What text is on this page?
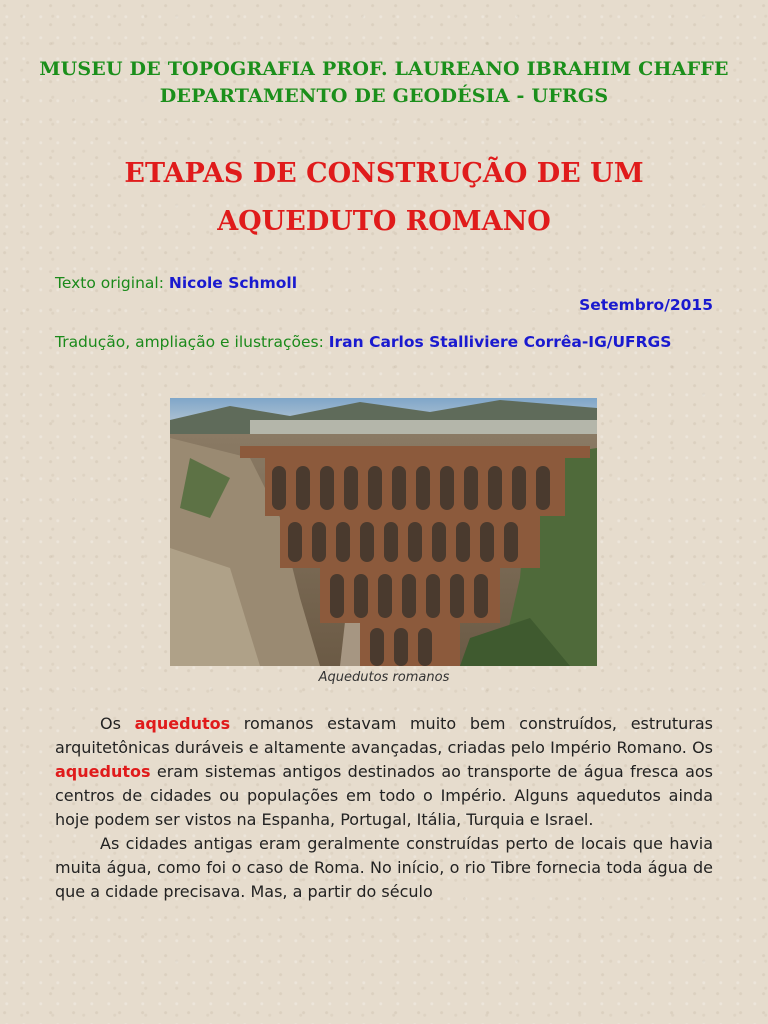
MUSEU DE TOPOGRAFIA PROF. LAUREANO IBRAHIM CHAFFE
DEPARTAMENTO DE GEODÉSIA - UFRGS
ETAPAS DE CONSTRUÇÃO DE UM
AQUEDUTO ROMANO
Texto original: Nicole Schmoll
Setembro/2015
Tradução, ampliação e ilustrações: Iran Carlos Stalliviere Corrêa-IG/UFRGS
Aquedutos romanos

Os aquedutos romanos estavam muito bem construídos, estruturas arquitetônicas duráveis e altamente avançadas, criadas pelo Império Romano. Os aquedutos eram sistemas antigos destinados ao transporte de água fresca aos centros de cidades ou populações em todo o Império. Alguns aquedutos ainda hoje podem ser vistos na Espanha, Portugal, Itália, Turquia e Israel.

As cidades antigas eram geralmente construídas perto de locais que havia muita água, como foi o caso de Roma. No início, o rio Tibre fornecia toda água de que a cidade precisava. Mas, a partir do século
